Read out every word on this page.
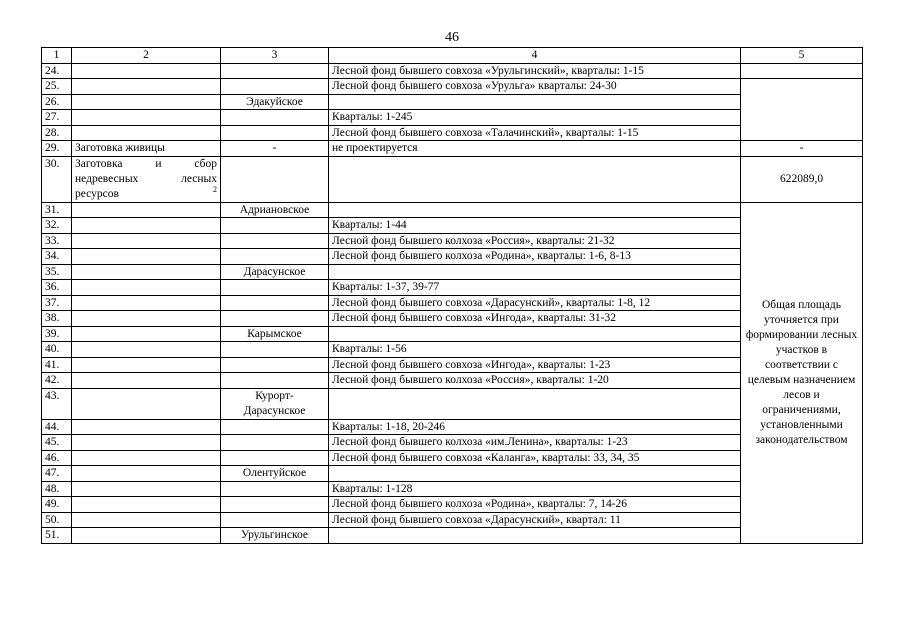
46
1	2	3	4	5
24.			Лесной фонд бывшего совхоза «Урульгинский», кварталы: 1-15	
25.			Лесной фонд бывшего совхоза «Урульга» кварталы: 24-30	
26.		Эдакуйское		
27.			Кварталы: 1-245	
28.			Лесной фонд бывшего совхоза «Талачинский», кварталы: 1-15	
29.	Заготовка живицы	-	не проектируется	-
30.	Заготовка и сбор недревесных лесных ресурсов $^2$			622089,0
31.		Адриановское		Общая площадь уточняется при формировании лесных участков в соответствии с целевым назначением лесов и ограничениями, установленными законодательством
32.			Кварталы: 1-44	
33.			Лесной фонд бывшего колхоза «Россия», кварталы: 21-32	
34.			Лесной фонд бывшего колхоза «Родина», кварталы: 1-6, 8-13	
35.		Дарасунское		
36.			Кварталы: 1-37, 39-77	
37.			Лесной фонд бывшего совхоза «Дарасунский», кварталы: 1-8, 12	
38.			Лесной фонд бывшего совхоза «Ингода», кварталы: 31-32	
39.		Карымское		
40.			Кварталы: 1-56	
41.			Лесной фонд бывшего совхоза «Ингода», кварталы: 1-23	
42.			Лесной фонд бывшего колхоза «Россия», кварталы: 1-20	
43.		Курорт-Дарасунское		
44.			Кварталы: 1-18, 20-246	
45.			Лесной фонд бывшего колхоза «им.Ленина», кварталы: 1-23	
46.			Лесной фонд бывшего совхоза «Каланга», кварталы: 33, 34, 35	
47.		Олентуйское		
48.			Кварталы: 1-128	
49.			Лесной фонд бывшего колхоза «Родина», кварталы: 7, 14-26	
50.			Лесной фонд бывшего совхоза «Дарасунский», квартал: 11	
51.		Урульгинское		
